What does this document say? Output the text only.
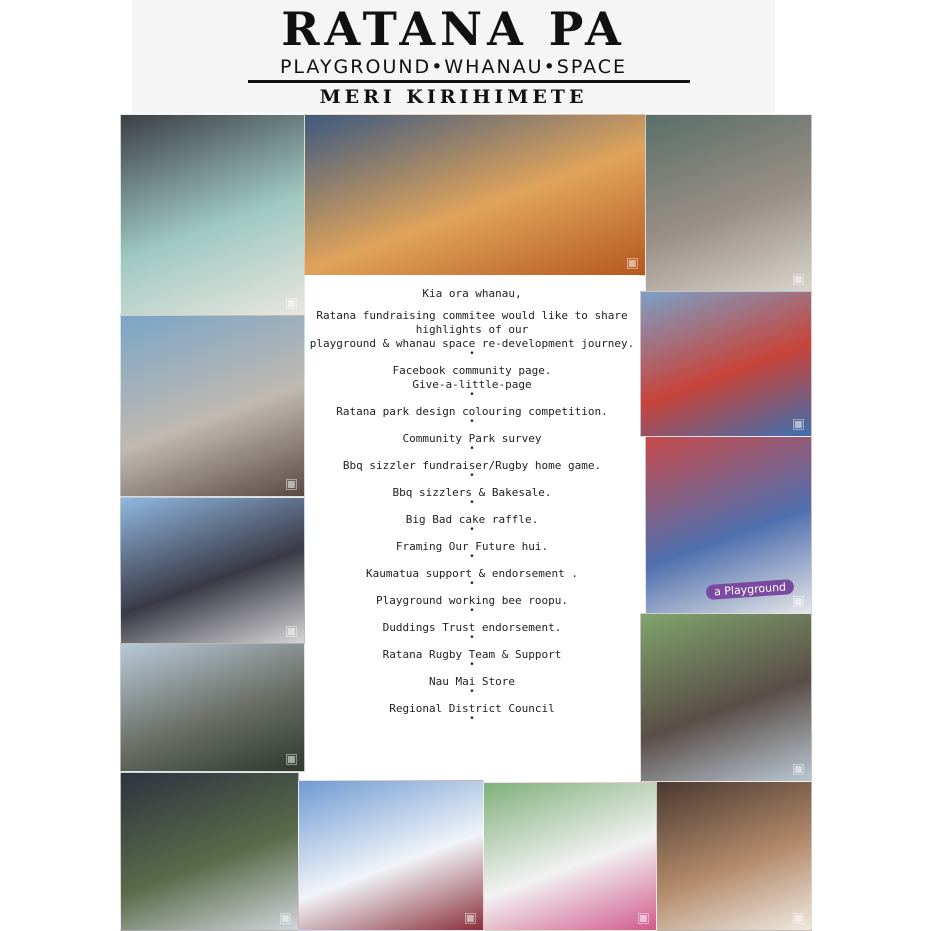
RATANA PA
PLAYGROUND•WHANAU•SPACE
MERI KIRIHIMETE
▣
▣
▣
▣
▣
▣
a Playground
▣
▣
▣
▣	▣	▣	▣
Kia ora whanau,
Ratana fundraising commitee would like to share
highlights of our
playground & whanau space re-development journey.
•
Facebook community page.
Give-a-little-page
•
Ratana park design colouring competition.
•
Community Park survey
•
Bbq sizzler fundraiser/Rugby home game.
•
Bbq sizzlers & Bakesale.
•
Big Bad cake raffle.
•
Framing Our Future hui.
•
Kaumatua support & endorsement .
•
Playground working bee roopu.
•
Duddings Trust endorsement.
•
Ratana Rugby Team & Support
•
Nau Mai Store
•
Regional District Council
•
